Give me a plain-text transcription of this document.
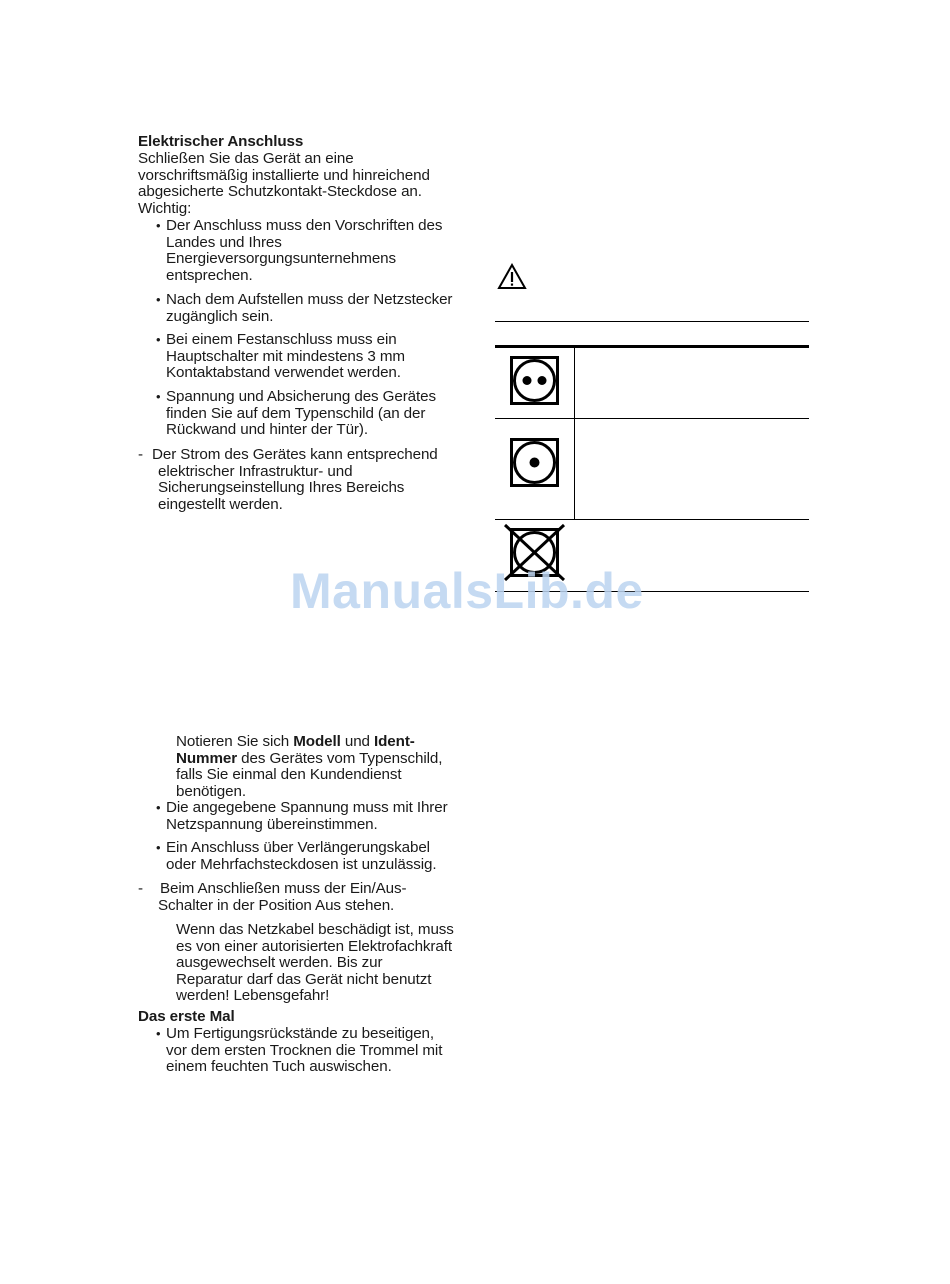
Elektrischer Anschluss

Schließen Sie das Gerät an eine

vorschriftsmäßig installierte und hinreichend

abgesicherte Schutzkontakt-Steckdose an.

Wichtig:

• Der Anschluss muss den Vorschriften des

Landes und Ihres

Energieversorgungsunternehmens

entsprechen.

• Nach dem Aufstellen muss der Netzstecker

zugänglich sein.

• Bei einem Festanschluss muss ein

Hauptschalter mit mindestens 3 mm

Kontaktabstand verwendet werden.

• Spannung und Absicherung des Gerätes

finden Sie auf dem Typenschild (an der

Rückwand und hinter der Tür).

- Der Strom des Gerätes kann entsprechend

elektrischer Infrastruktur- und

Sicherungseinstellung Ihres Bereichs

eingestellt werden.

Notieren Sie sich Modell und Ident-

Nummer des Gerätes vom Typenschild,

falls Sie einmal den Kundendienst

benötigen.

• Die angegebene Spannung muss mit Ihrer

Netzspannung übereinstimmen.

• Ein Anschluss über Verlängerungskabel

oder Mehrfachsteckdosen ist unzulässig.

- Beim Anschließen muss der Ein/Aus-

Schalter in der Position Aus stehen.

Wenn das Netzkabel beschädigt ist, muss

es von einer autorisierten Elektrofachkraft

ausgewechselt werden. Bis zur

Reparatur darf das Gerät nicht benutzt

werden! Lebensgefahr!

Das erste Mal
• Um Fertigungsrückstände zu beseitigen,

vor dem ersten Trocknen die Trommel mit

einem feuchten Tuch auswischen.

ManualsLib.de
